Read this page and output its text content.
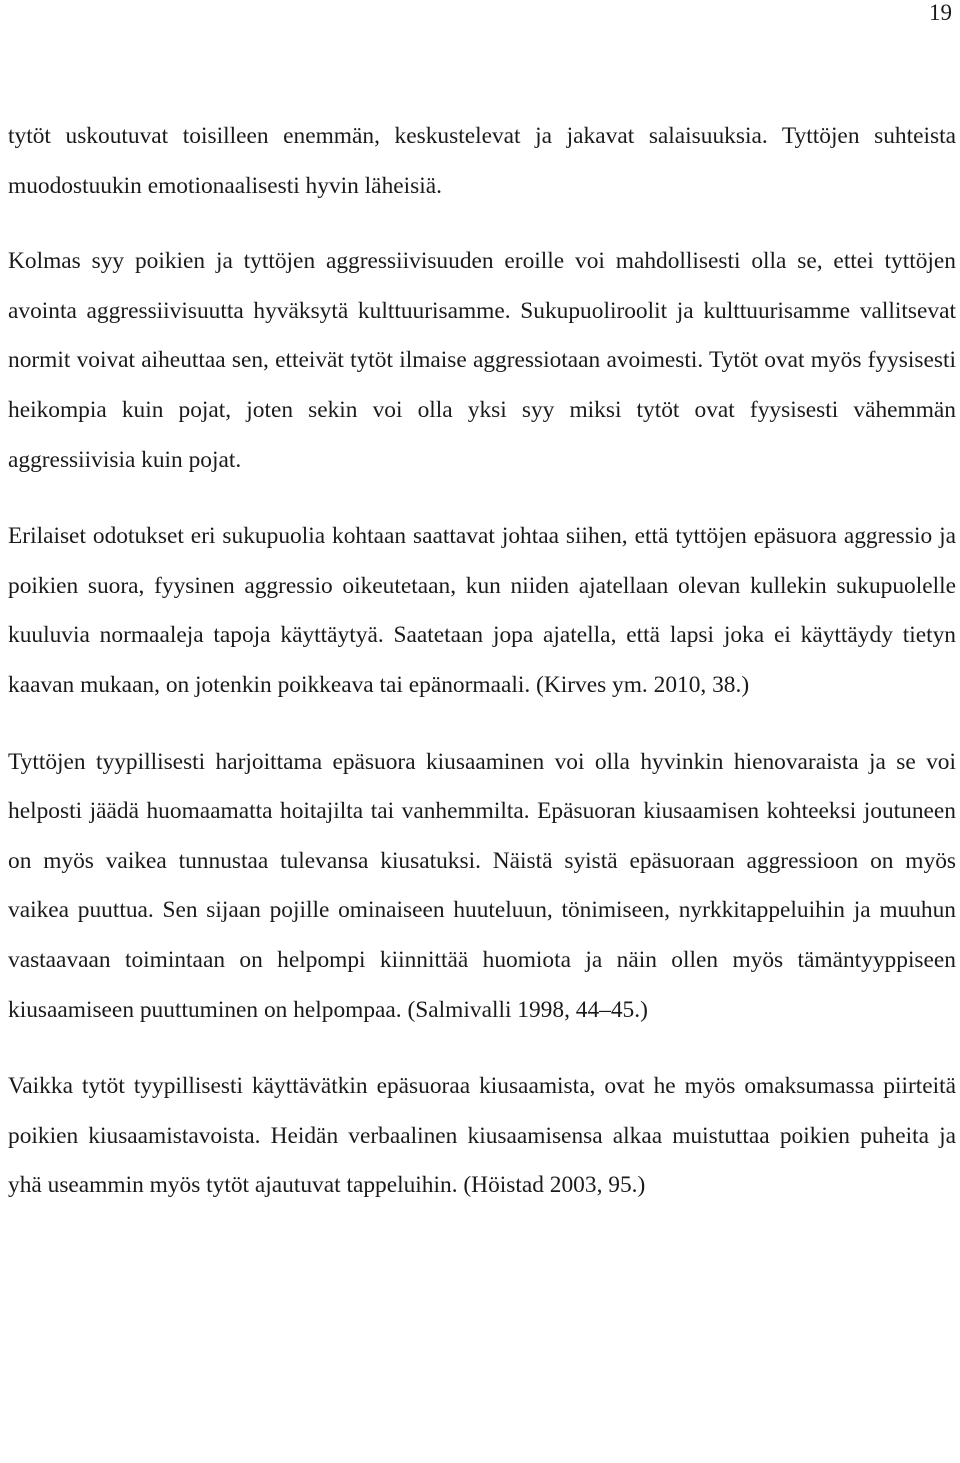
19

tytöt uskoutuvat toisilleen enemmän, keskustelevat ja jakavat salaisuuksia. Tyttöjen suhteista muodostuukin emotionaalisesti hyvin läheisiä.

Kolmas syy poikien ja tyttöjen aggressiivisuuden eroille voi mahdollisesti olla se, ettei tyttöjen avointa aggressiivisuutta hyväksytä kulttuurisamme. Sukupuoliroolit ja kulttuurisamme vallitsevat normit voivat aiheuttaa sen, etteivät tytöt ilmaise aggressiotaan avoimesti. Tytöt ovat myös fyysisesti heikompia kuin pojat, joten sekin voi olla yksi syy miksi tytöt ovat fyysisesti vähemmän aggressiivisia kuin pojat.

Erilaiset odotukset eri sukupuolia kohtaan saattavat johtaa siihen, että tyttöjen epäsuora aggressio ja poikien suora, fyysinen aggressio oikeutetaan, kun niiden ajatellaan olevan kullekin sukupuolelle kuuluvia normaaleja tapoja käyttäytyä. Saatetaan jopa ajatella, että lapsi joka ei käyttäydy tietyn kaavan mukaan, on jotenkin poikkeava tai epänormaali. (Kirves ym. 2010, 38.)

Tyttöjen tyypillisesti harjoittama epäsuora kiusaaminen voi olla hyvinkin hienovaraista ja se voi helposti jäädä huomaamatta hoitajilta tai vanhemmilta. Epäsuoran kiusaamisen kohteeksi joutuneen on myös vaikea tunnustaa tulevansa kiusatuksi. Näistä syistä epäsuoraan aggressioon on myös vaikea puuttua. Sen sijaan pojille ominaiseen huuteluun, tönimiseen, nyrkkitappeluihin ja muuhun vastaavaan toimintaan on helpompi kiinnittää huomiota ja näin ollen myös tämäntyyppiseen kiusaamiseen puuttuminen on helpompaa. (Salmivalli 1998, 44–45.)

Vaikka tytöt tyypillisesti käyttävätkin epäsuoraa kiusaamista, ovat he myös omaksumassa piirteitä poikien kiusaamistavoista. Heidän verbaalinen kiusaamisensa alkaa muistuttaa poikien puheita ja yhä useammin myös tytöt ajautuvat tappeluihin. (Höistad 2003, 95.)
